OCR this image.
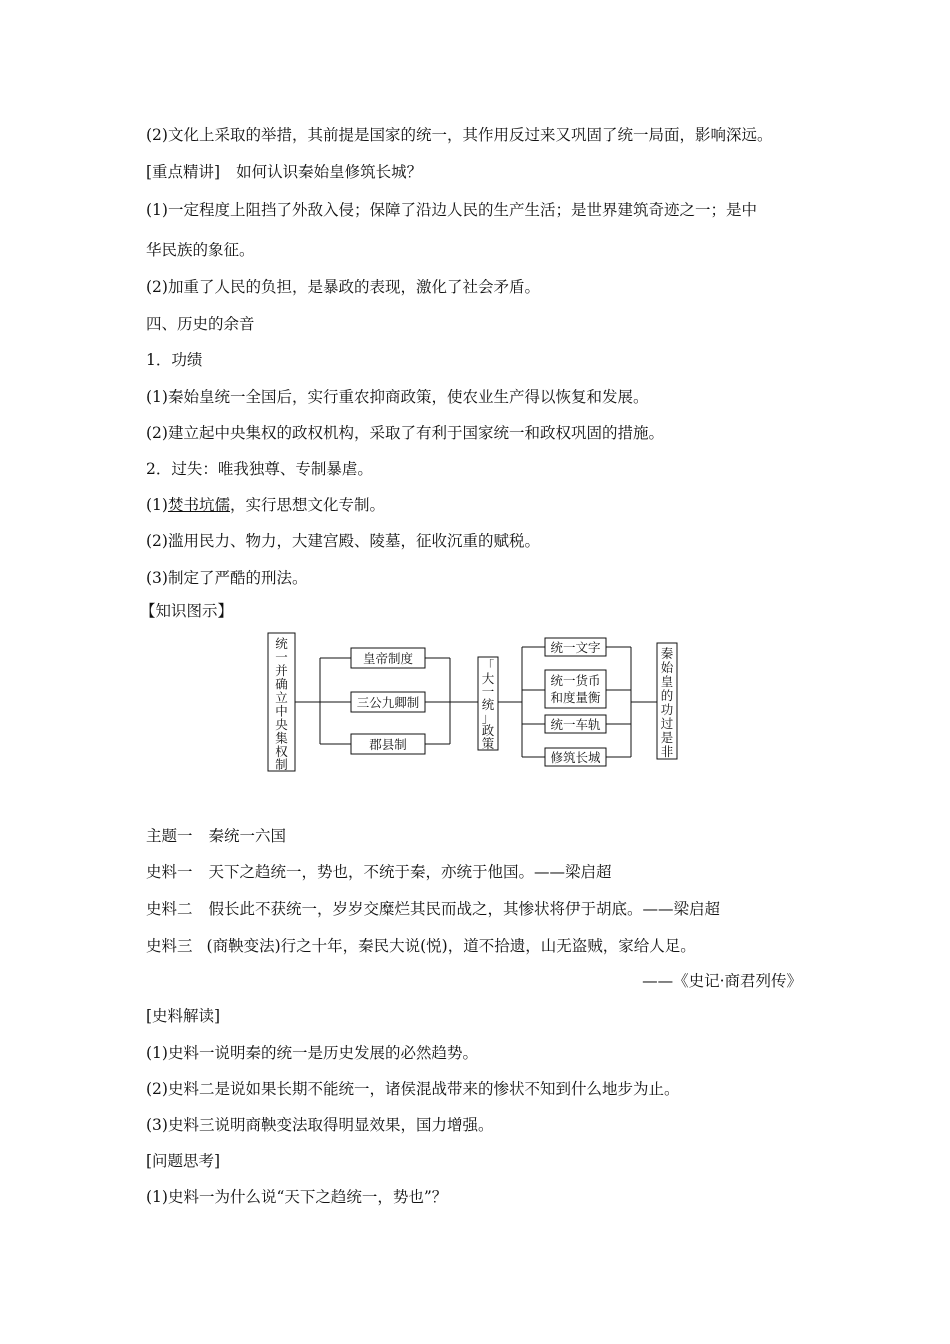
(2)文化上采取的举措，其前提是国家的统一，其作用反过来又巩固了统一局面，影响深远。
[重点精讲] 如何认识秦始皇修筑长城？
(1)一定程度上阻挡了外敌入侵；保障了沿边人民的生产生活；是世界建筑奇迹之一；是中
华民族的象征。
(2)加重了人民的负担，是暴政的表现，激化了社会矛盾。
四、历史的余音
1．功绩
(1)秦始皇统一全国后，实行重农抑商政策，使农业生产得以恢复和发展。
(2)建立起中央集权的政权机构，采取了有利于国家统一和政权巩固的措施。
2．过失：唯我独尊、专制暴虐。
(1)焚书坑儒，实行思想文化专制。
(2)滥用民力、物力，大建宫殿、陵墓，征收沉重的赋税。
(3)制定了严酷的刑法。
【知识图示】
统
一
并
确
立
中
央
集
权
制
皇帝制度
三公九卿制
郡县制
「
大
一
统
」
政
策
统一文字
统一货币
和度量衡
统一车轨
修筑长城
秦
始
皇
的
功
过
是
非
主题一 秦统一六国
史料一 天下之趋统一，势也，不统于秦，亦统于他国。——梁启超
史料二 假长此不获统一，岁岁交糜烂其民而战之，其惨状将伊于胡底。——梁启超
史料三 (商鞅变法)行之十年，秦民大说(悦)，道不拾遗，山无盗贼，家给人足。
——《史记·商君列传》
[史料解读]
(1)史料一说明秦的统一是历史发展的必然趋势。
(2)史料二是说如果长期不能统一，诸侯混战带来的惨状不知到什么地步为止。
(3)史料三说明商鞅变法取得明显效果，国力增强。
[问题思考]
(1)史料一为什么说“天下之趋统一，势也”？
